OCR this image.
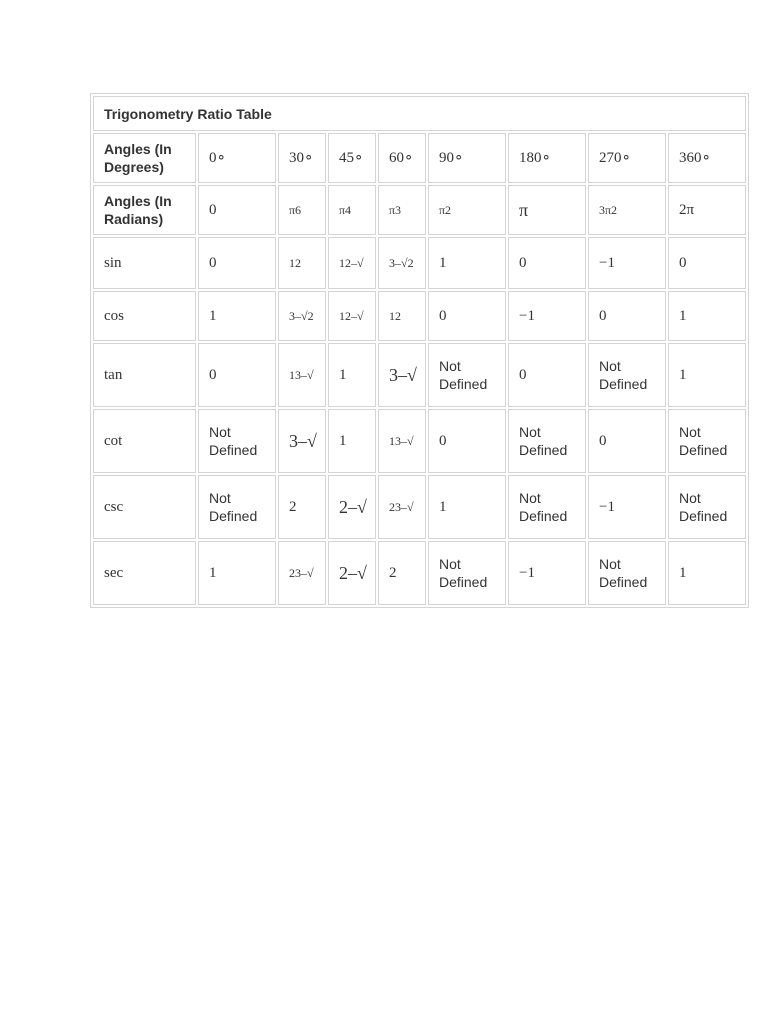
Trigonometry Ratio Table								
Angles (In Degrees)	0∘	30∘	45∘	60∘	90∘	180∘	270∘	360∘
Angles (In Radians)	0	π6	π4	π3	π2	π	3π2	2π
sin	0	12	12–√	3–√2	1	0	−1	0
cos	1	3–√2	12–√	12	0	−1	0	1
tan	0	13–√	1	3–√	Not Defined	0	Not Defined	1
cot	Not Defined	3–√	1	13–√	0	Not Defined	0	Not Defined
csc	Not Defined	2	2–√	23–√	1	Not Defined	−1	Not Defined
sec	1	23–√	2–√	2	Not Defined	−1	Not Defined	1
